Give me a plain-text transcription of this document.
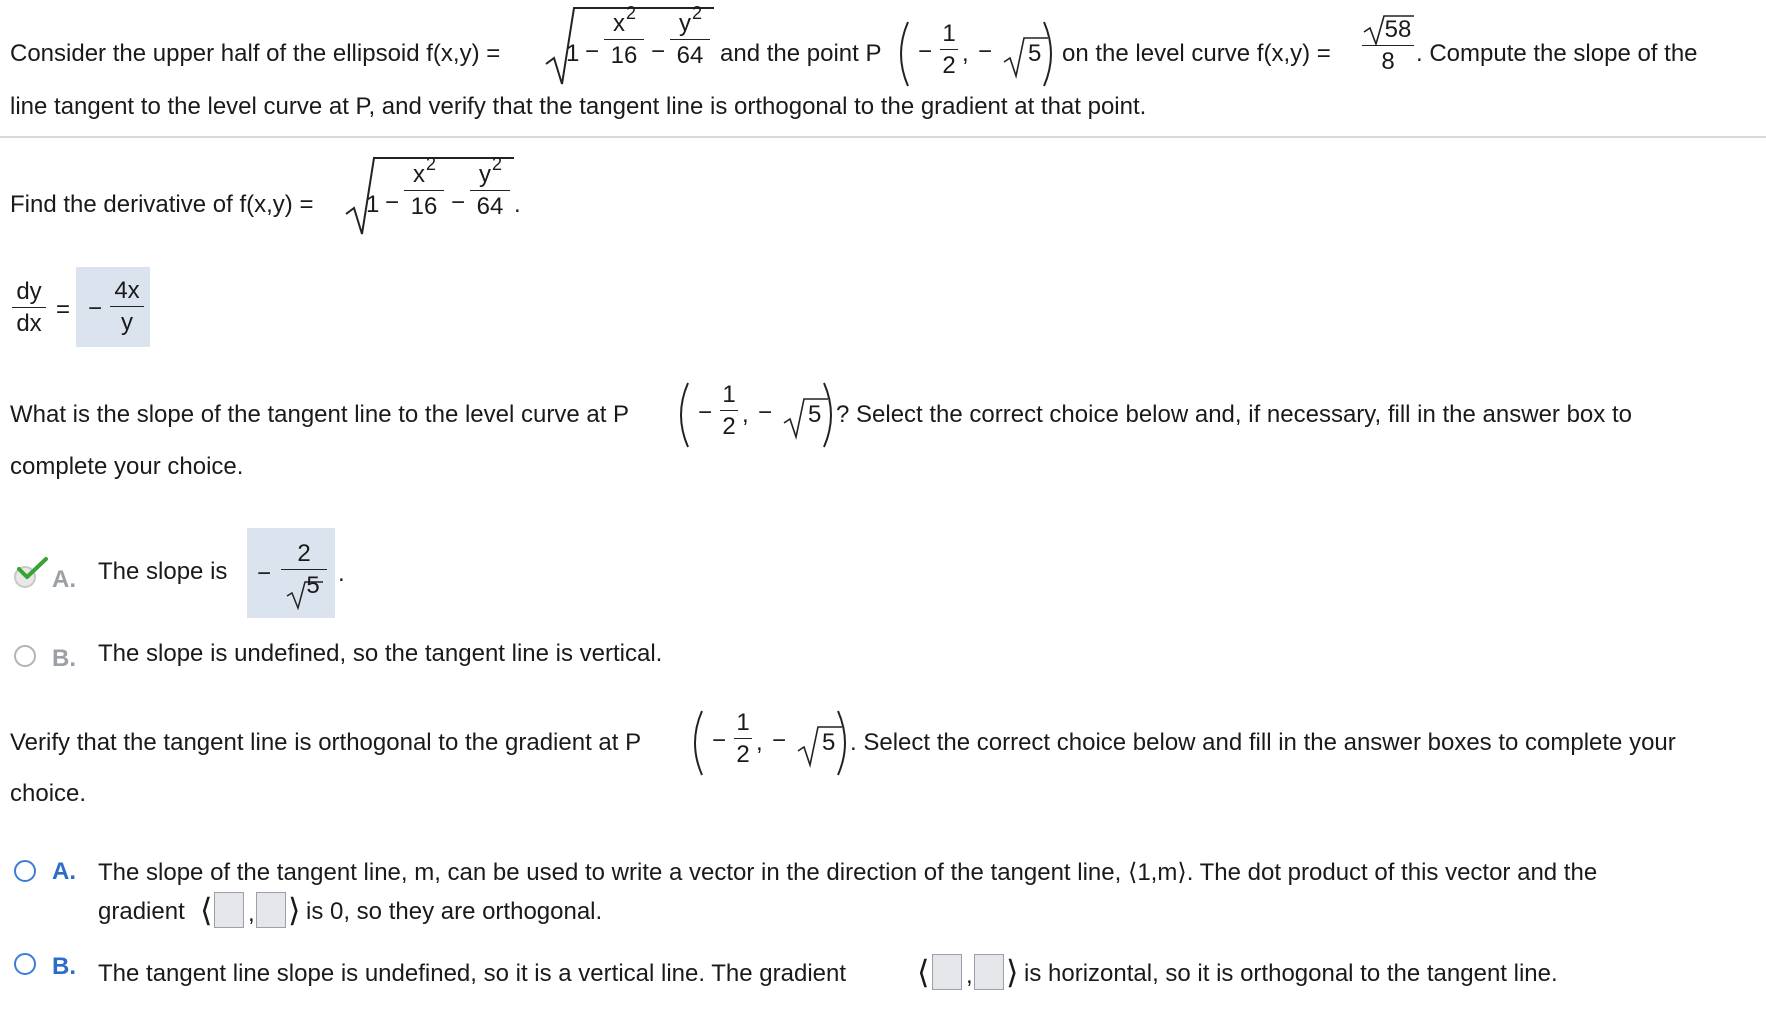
Consider the upper half of the ellipsoid f(x,y) =	1 −
$x^2$
16 −
$y^2$
64 and the point P −
1
2 , − 5 on the level curve f(x,y) =
58
8 . Compute the slope of the
line tangent to the level curve at P, and verify that the tangent line is orthogonal to the gradient at that point.
Find the derivative of f(x,y) = 1 −
$x^2$
16 −
$y^2$
64 .
dy
dx
= −
4x
y
What is the slope of the tangent line to the level curve at P	−
1
2 , − 5 ? Select the correct choice below and, if necessary, fill in the answer box to
complete your choice.
A. The slope is −
2
5 .
B. The slope is undefined, so the tangent line is vertical.
Verify that the tangent line is orthogonal to the gradient at P	−
1
2 , − 5 . Select the correct choice below and fill in the answer boxes to complete your
choice.
A. The slope of the tangent line, m, can be used to write a vector in the direction of the tangent line, ⟨1,m⟩. The dot product of this vector and the
gradient ⟨ , ⟩ is 0, so they are orthogonal.
B. The tangent line slope is undefined, so it is a vertical line. The gradient ⟨ , ⟩ is horizontal, so it is orthogonal to the tangent line.
